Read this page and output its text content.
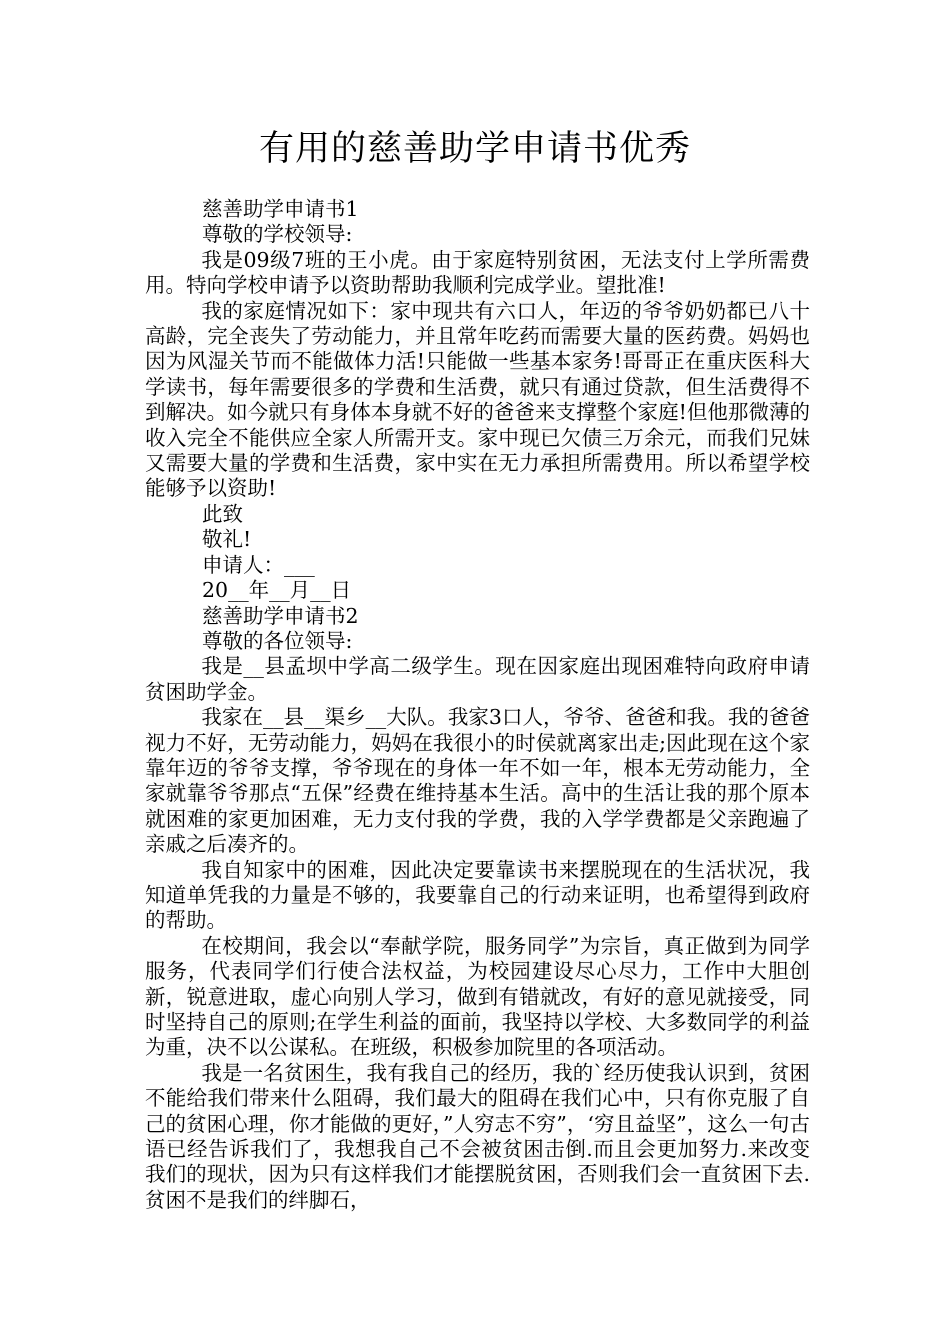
有用的慈善助学申请书优秀

慈善助学申请书1

尊敬的学校领导:

我是09级7班的王小虎。由于家庭特别贫困，无法支付上学所需费用。特向学校申请予以资助帮助我顺利完成学业。望批准!

我的家庭情况如下：家中现共有六口人，年迈的爷爷奶奶都已八十高龄，完全丧失了劳动能力，并且常年吃药而需要大量的医药费。妈妈也因为风湿关节而不能做体力活!只能做一些基本家务!哥哥正在重庆医科大学读书，每年需要很多的学费和生活费，就只有通过贷款，但生活费得不到解决。如今就只有身体本身就不好的爸爸来支撑整个家庭!但他那微薄的收入完全不能供应全家人所需开支。家中现已欠债三万余元，而我们兄妹又需要大量的学费和生活费，家中实在无力承担所需费用。所以希望学校能够予以资助!

此致

敬礼!

申请人：___

20__年__月__日

慈善助学申请书2

尊敬的各位领导:

我是__县孟坝中学高二级学生。现在因家庭出现困难特向政府申请贫困助学金。

我家在__县__渠乡__大队。我家3口人，爷爷、爸爸和我。我的爸爸视力不好，无劳动能力，妈妈在我很小的时侯就离家出走;因此现在这个家靠年迈的爷爷支撑，爷爷现在的身体一年不如一年，根本无劳动能力，全家就靠爷爷那点“五保”经费在维持基本生活。高中的生活让我的那个原本就困难的家更加困难，无力支付我的学费，我的入学学费都是父亲跑遍了亲戚之后凑齐的。

我自知家中的困难，因此决定要靠读书来摆脱现在的生活状况，我知道单凭我的力量是不够的，我要靠自己的行动来证明，也希望得到政府的帮助。

在校期间，我会以“奉献学院，服务同学”为宗旨，真正做到为同学服务，代表同学们行使合法权益，为校园建设尽心尽力，工作中大胆创新，锐意进取，虚心向别人学习，做到有错就改，有好的意见就接受，同时坚持自己的原则;在学生利益的面前，我坚持以学校、大多数同学的利益为重，决不以公谋私。在班级，积极参加院里的各项活动。

我是一名贫困生，我有我自己的经历，我的`经历使我认识到，贫困不能给我们带来什么阻碍，我们最大的阻碍在我们心中，只有你克服了自己的贫困心理，你才能做的更好，”人穷志不穷”，‘穷且益坚”，这么一句古语已经告诉我们了，我想我自己不会被贫困击倒.而且会更加努力.来改变我们的现状，因为只有这样我们才能摆脱贫困，否则我们会一直贫困下去.贫困不是我们的绊脚石，
